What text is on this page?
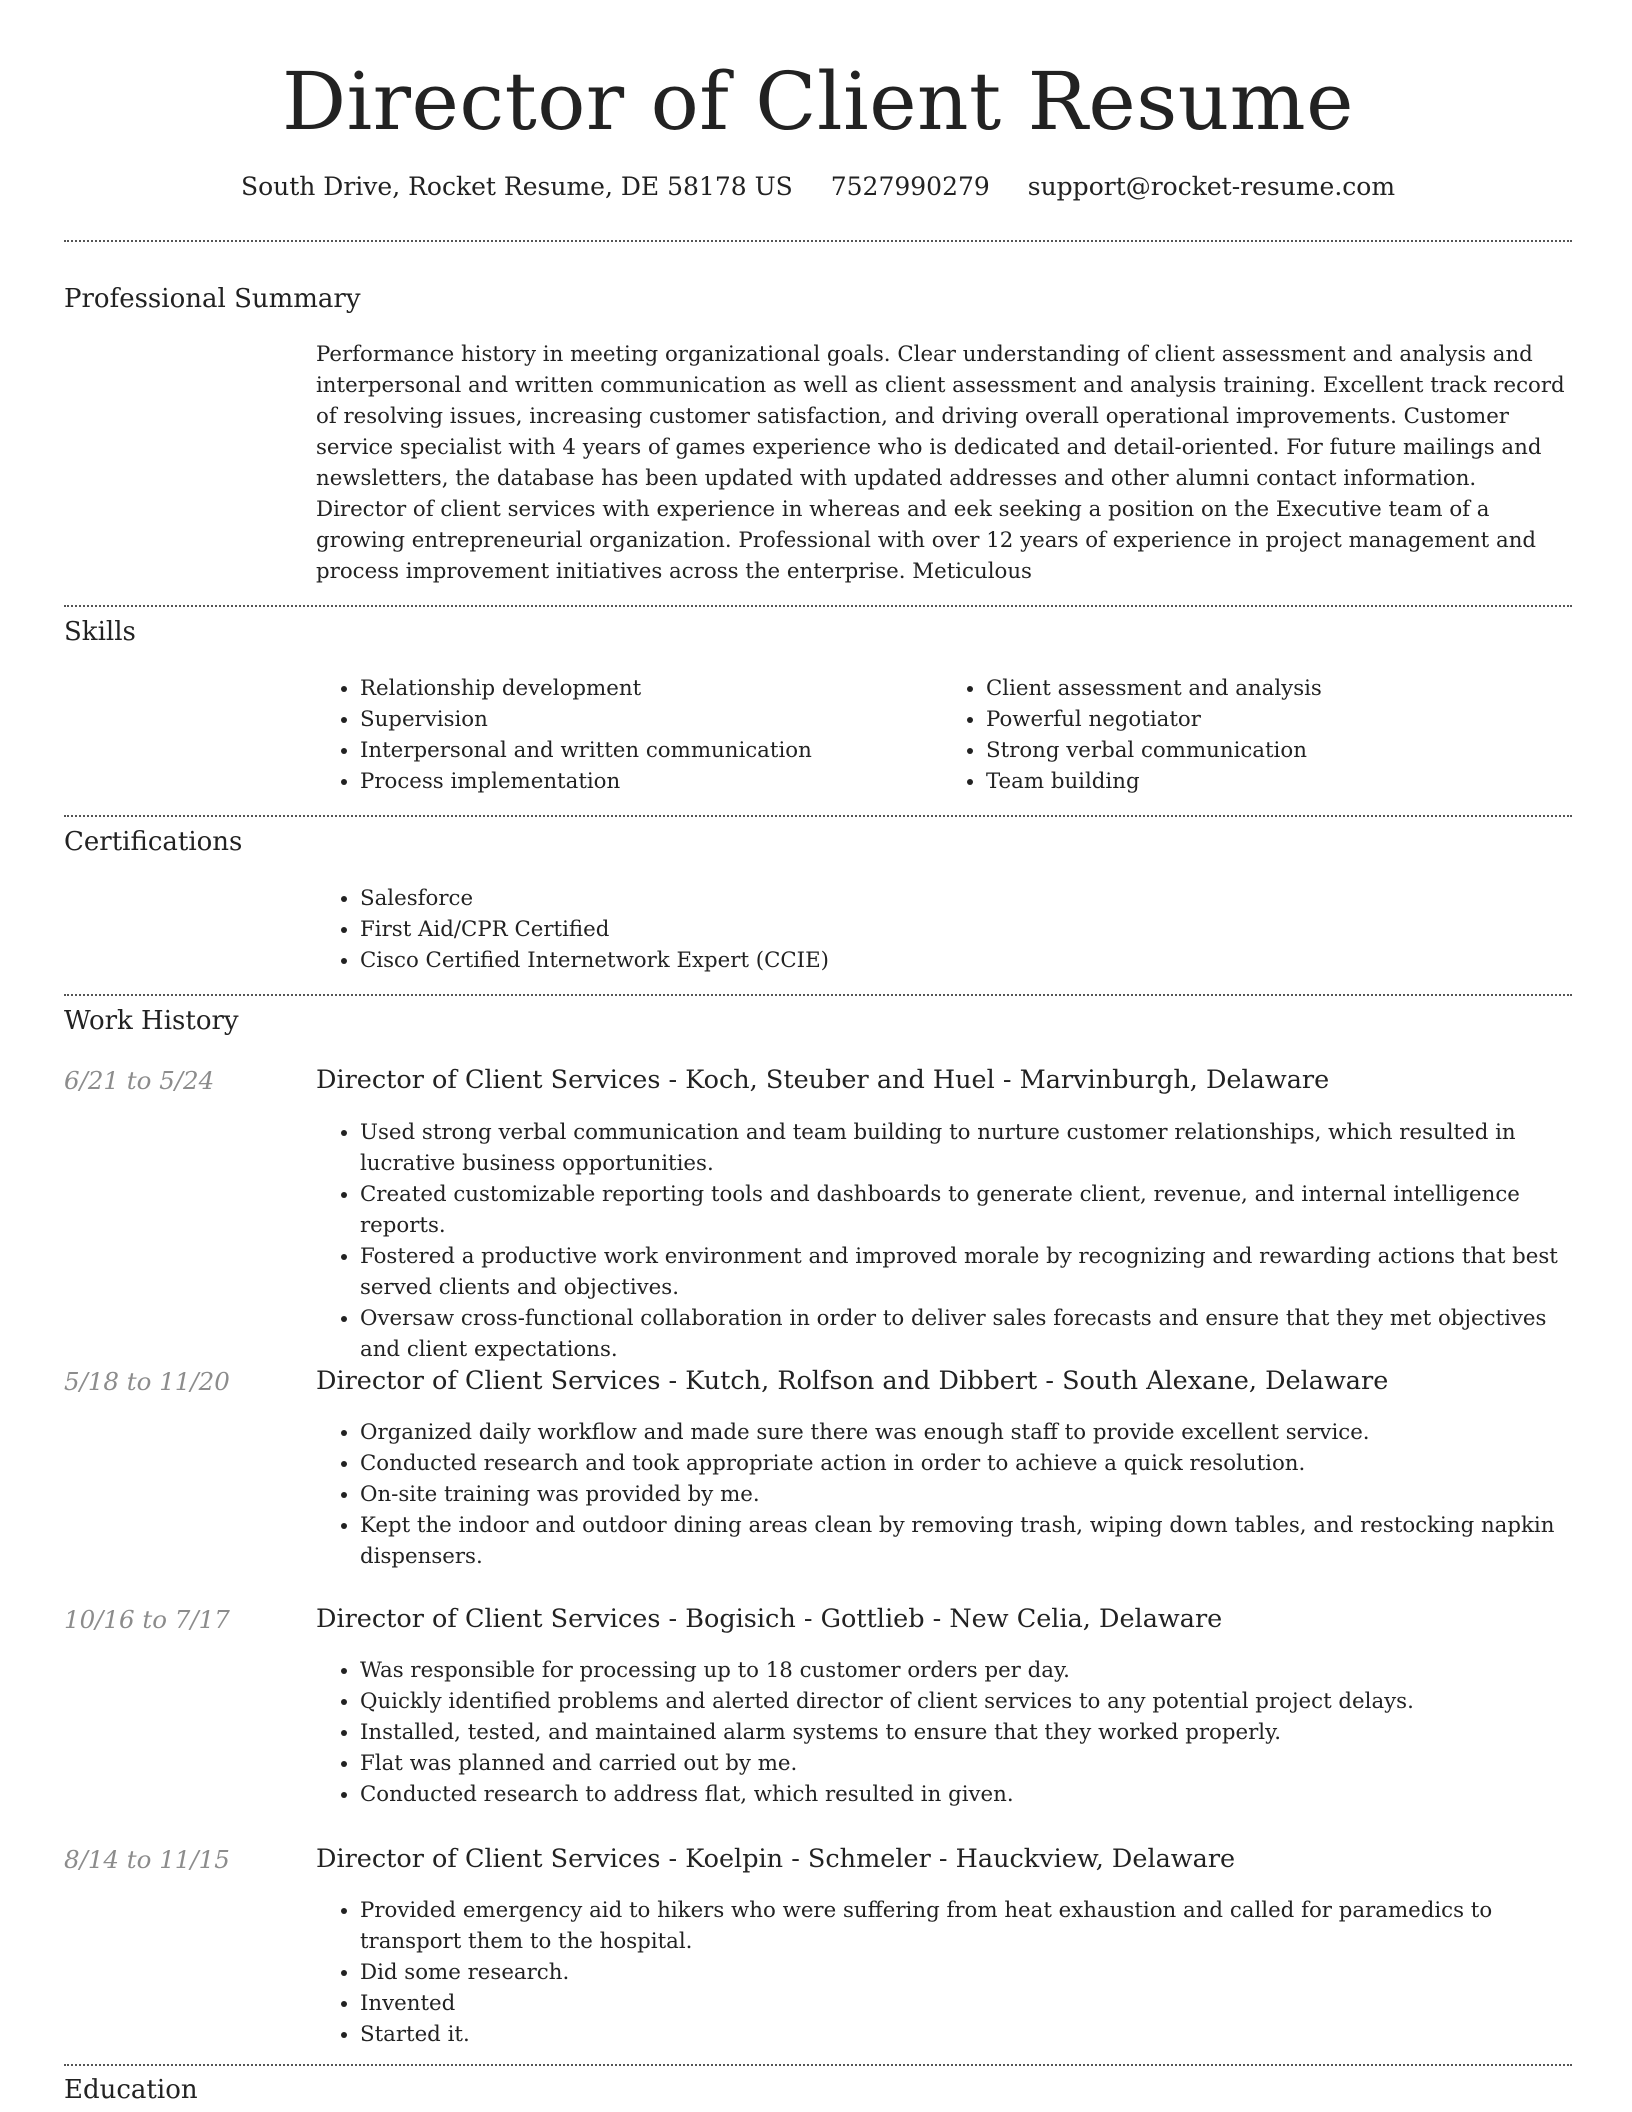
Director of Client Resume
South Drive, Rocket Resume, DE 58178 US 7527990279 support@rocket-resume.com
Professional Summary

Performance history in meeting organizational goals. Clear understanding of client assessment and analysis and interpersonal and written communication as well as client assessment and analysis training. Excellent track record of resolving issues, increasing customer satisfaction, and driving overall operational improvements. Customer service specialist with 4 years of games experience who is dedicated and detail-oriented. For future mailings and newsletters, the database has been updated with updated addresses and other alumni contact information. Director of client services with experience in whereas and eek seeking a position on the Executive team of a growing entrepreneurial organization. Professional with over 12 years of experience in project management and process improvement initiatives across the enterprise. Meticulous

Skills
• Relationship development
• Supervision
• Interpersonal and written communication
• Process implementation
• Client assessment and analysis
• Powerful negotiator
• Strong verbal communication
• Team building
Certifications
• Salesforce
• First Aid/CPR Certified
• Cisco Certified Internetwork Expert (CCIE)
Work History
6/21 to 5/24	Director of Client Services - Koch, Steuber and Huel - Marvinburgh, Delaware
• Used strong verbal communication and team building to nurture customer relationships, which resulted in lucrative business opportunities.
• Created customizable reporting tools and dashboards to generate client, revenue, and internal intelligence reports.
• Fostered a productive work environment and improved morale by recognizing and rewarding actions that best served clients and objectives.
• Oversaw cross-functional collaboration in order to deliver sales forecasts and ensure that they met objectives and client expectations.
5/18 to 11/20	Director of Client Services - Kutch, Rolfson and Dibbert - South Alexane, Delaware
• Organized daily workflow and made sure there was enough staff to provide excellent service.
• Conducted research and took appropriate action in order to achieve a quick resolution.
• On-site training was provided by me.
• Kept the indoor and outdoor dining areas clean by removing trash, wiping down tables, and restocking napkin dispensers.
10/16 to 7/17	Director of Client Services - Bogisich - Gottlieb - New Celia, Delaware
• Was responsible for processing up to 18 customer orders per day.
• Quickly identified problems and alerted director of client services to any potential project delays.
• Installed, tested, and maintained alarm systems to ensure that they worked properly.
• Flat was planned and carried out by me.
• Conducted research to address flat, which resulted in given.
8/14 to 11/15	Director of Client Services - Koelpin - Schmeler - Hauckview, Delaware
• Provided emergency aid to hikers who were suffering from heat exhaustion and called for paramedics to transport them to the hospital.
• Did some research.
• Invented
• Started it.
Education
